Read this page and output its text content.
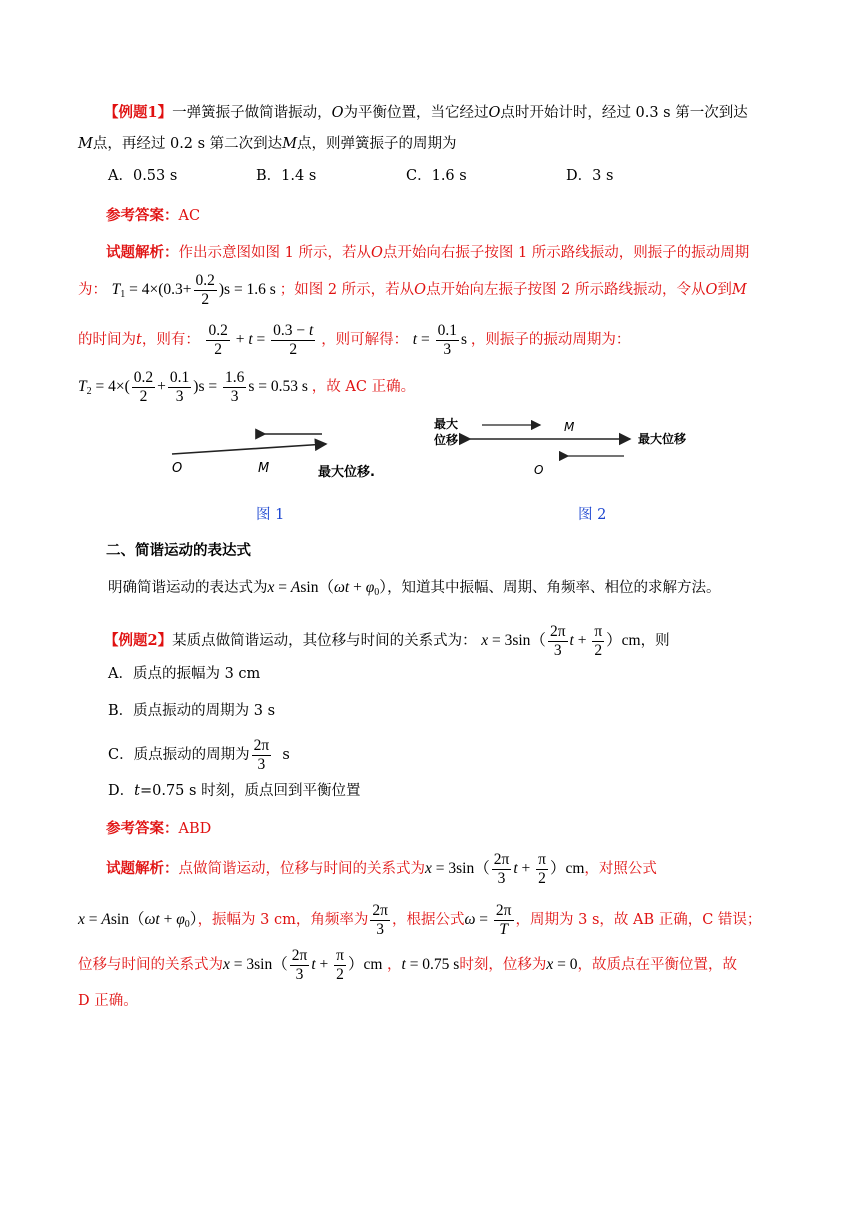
【例题1】一弹簧振子做简谐振动，O为平衡位置，当它经过O点时开始计时，经过 0.3 s 第一次到达
M点，再经过 0.2 s 第二次到达M点，则弹簧振子的周期为
A．0.53 s	B．1.4 s	C．1.6 s	D．3 s
参考答案：AC
试题解析：作出示意图如图 1 所示，若从O点开始向右振子按图 1 所示路线振动，则振子的振动周期
为： $T_1 = 4\times(0.3+ \frac{0.2}{2} )s = 1.6$ s ；如图 2 所示，若从O点开始向左振子按图 2 所示路线振动，令从O到M
的时间为t，则有： $\frac{0.2}{2} + t = \frac{0.3 - t}{2}$ ，则可解得： $t = \frac{0.1}{3}$ s ，则振子的振动周期为：
$T_2 = 4\times( \frac{0.2}{2} + \frac{0.1}{3} )s = \frac{1.6}{3}$ s = 0.53 s ，故 AC 正确。
O	M	最大位移.
图 1
最大
位移
M
最大位移
O
图 2
二、简谐运动的表达式
明确简谐运动的表达式为$x = Asin(\omega t + \varphi_0)$，知道其中振幅、周期、角频率、相位的求解方法。
【例题2】某质点做简谐运动，其位移与时间的关系式为： $x = 3\sin( \frac{2\pi}{3}$ $t + \frac{\pi}{2} )cm$，则
A．质点的振幅为 3 cm
B．质点振动的周期为 3 s
C．质点振动的周期为 $\frac{2\pi}{3}$ s
D．t=0.75 s 时刻，质点回到平衡位置
参考答案：ABD
试题解析：点做简谐运动，位移与时间的关系式为$x = 3\sin( \frac{2\pi}{3}$ $t + \frac{\pi}{2} )cm$，对照公式
$x = Asin(\omega t + \varphi_0)$，振幅为 3 cm，角频率为 $\frac{2\pi}{3}$ ，根据公式$\omega = \frac{2\pi}{T}$ ，周期为 3 s，故 AB 正确，C 错误；
位移与时间的关系式为$x = 3\sin( \frac{2\pi}{3}$ $t + \frac{\pi}{2} )cm$ ，t = 0.75 s时刻，位移为x = 0，故质点在平衡位置，故
D 正确。
